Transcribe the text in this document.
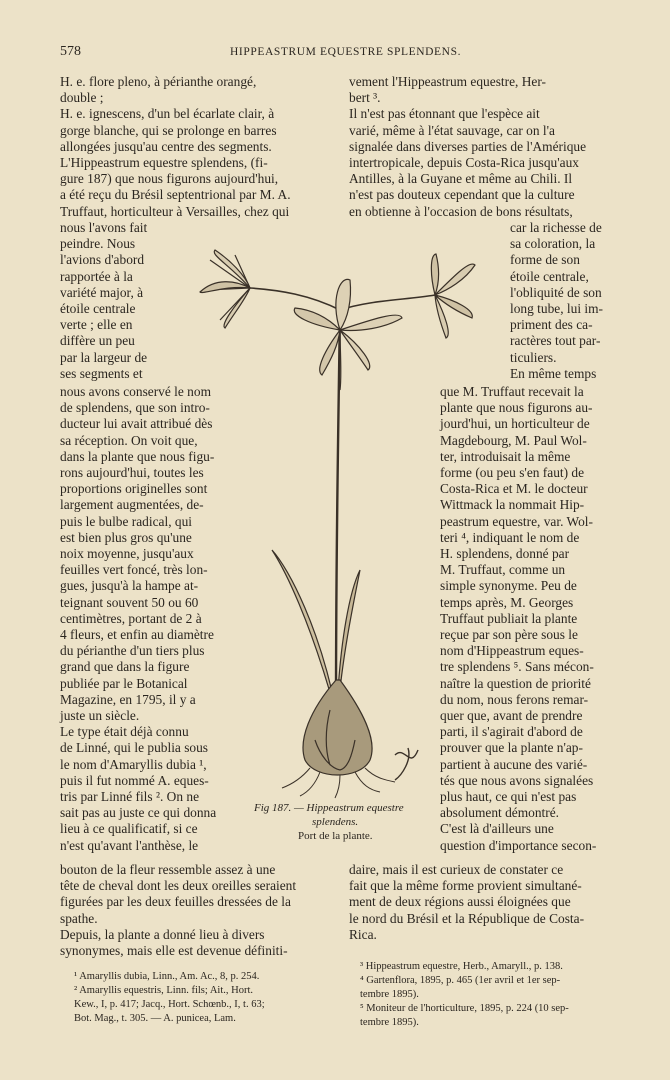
578	HIPPEASTRUM EQUESTRE SPLENDENS.
H. e. flore pleno, à périanthe orangé,
double ;
H. e. ignescens, d'un bel écarlate clair, à
gorge blanche, qui se prolonge en barres
allongées jusqu'au centre des segments.
L'Hippeastrum equestre splendens, (fi-
gure 187) que nous figurons aujourd'hui,
a été reçu du Brésil septentrional par M. A.
Truffaut, horticulteur à Versailles, chez qui
nous l'avons fait
peindre. Nous
l'avions d'abord
rapportée à la
variété major, à
étoile centrale
verte ; elle en
diffère un peu
par la largeur de
ses segments et
nous avons conservé le nom
de splendens, que son intro-
ducteur lui avait attribué dès
sa réception. On voit que,
dans la plante que nous figu-
rons aujourd'hui, toutes les
proportions originelles sont
largement augmentées, de-
puis le bulbe radical, qui
est bien plus gros qu'une
noix moyenne, jusqu'aux
feuilles vert foncé, très lon-
gues, jusqu'à la hampe at-
teignant souvent 50 ou 60
centimètres, portant de 2 à
4 fleurs, et enfin au diamètre
du périanthe d'un tiers plus
grand que dans la figure
publiée par le Botanical
Magazine, en 1795, il y a
juste un siècle.
Le type était déjà connu
de Linné, qui le publia sous
le nom d'Amaryllis dubia ¹,
puis il fut nommé A. eques-
tris par Linné fils ². On ne
sait pas au juste ce qui donna
lieu à ce qualificatif, si ce
n'est qu'avant l'anthèse, le
bouton de la fleur ressemble assez à une
tête de cheval dont les deux oreilles seraient
figurées par les deux feuilles dressées de la
spathe.
Depuis, la plante a donné lieu à divers
synonymes, mais elle est devenue définiti-
vement l'Hippeastrum equestre, Her-
bert ³.
Il n'est pas étonnant que l'espèce ait
varié, même à l'état sauvage, car on l'a
signalée dans diverses parties de l'Amérique
intertropicale, depuis Costa-Rica jusqu'aux
Antilles, à la Guyane et même au Chili. Il
n'est pas douteux cependant que la culture
en obtienne à l'occasion de bons résultats,
car la richesse de
sa coloration, la
forme de son
étoile centrale,
l'obliquité de son
long tube, lui im-
priment des ca-
ractères tout par-
ticuliers.
En même temps
que M. Truffaut recevait la
plante que nous figurons au-
jourd'hui, un horticulteur de
Magdebourg, M. Paul Wol-
ter, introduisait la même
forme (ou peu s'en faut) de
Costa-Rica et M. le docteur
Wittmack la nommait Hip-
peastrum equestre, var. Wol-
teri ⁴, indiquant le nom de
H. splendens, donné par
M. Truffaut, comme un
simple synonyme. Peu de
temps après, M. Georges
Truffaut publiait la plante
reçue par son père sous le
nom d'Hippeastrum eques-
tre splendens ⁵. Sans mécon-
naître la question de priorité
du nom, nous ferons remar-
quer que, avant de prendre
parti, il s'agirait d'abord de
prouver que la plante n'ap-
partient à aucune des varié-
tés que nous avons signalées
plus haut, ce qui n'est pas
absolument démontré.
C'est là d'ailleurs une
question d'importance secon-
daire, mais il est curieux de constater ce
fait que la même forme provient simultané-
ment de deux régions aussi éloignées que
le nord du Brésil et la République de Costa-
Rica.
¹ Amaryllis dubia, Linn., Am. Ac., 8, p. 254.
² Amaryllis equestris, Linn. fils; Ait., Hort.
Kew., I, p. 417; Jacq., Hort. Schœnb., I, t. 63;
Bot. Mag., t. 305. — A. punicea, Lam.
³ Hippeastrum equestre, Herb., Amaryll., p. 138.
⁴ Gartenflora, 1895, p. 465 (1er avril et 1er sep-
tembre 1895).
⁵ Moniteur de l'horticulture, 1895, p. 224 (10 sep-
tembre 1895).
Fig 187. — Hippeastrum equestre
splendens.
Port de la plante.
